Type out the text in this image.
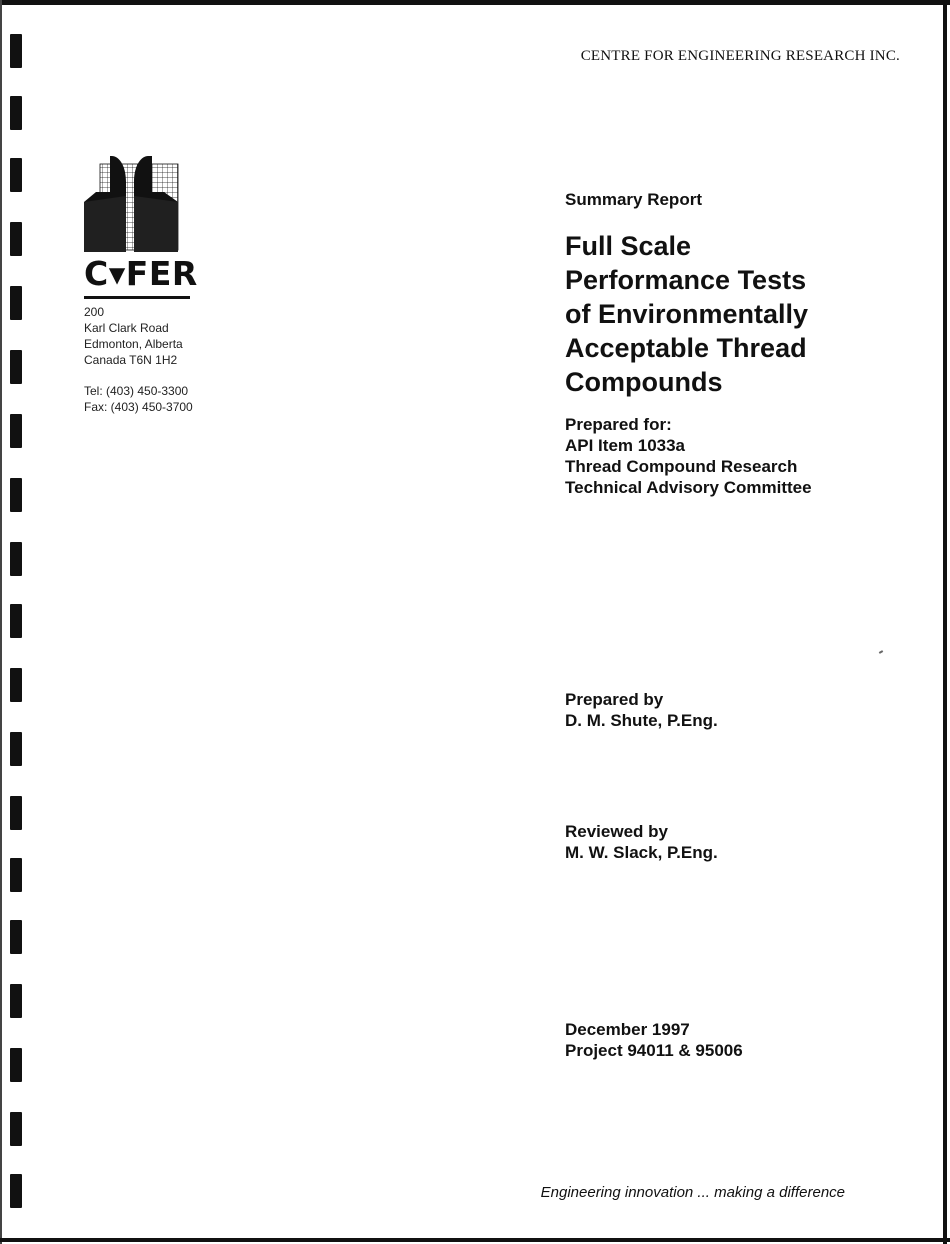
CENTRE FOR ENGINEERING RESEARCH INC.
C▾FER
200
Karl Clark Road
Edmonton, Alberta
Canada T6N 1H2
Tel: (403) 450-3300
Fax: (403) 450-3700
Summary Report
Full Scale
Performance Tests
of Environmentally
Acceptable Thread
Compounds
Prepared for:
API Item 1033a
Thread Compound Research
Technical Advisory Committee
Prepared by
D. M. Shute, P.Eng.
Reviewed by
M. W. Slack, P.Eng.
December 1997
Project 94011 & 95006
Engineering innovation ... making a difference
